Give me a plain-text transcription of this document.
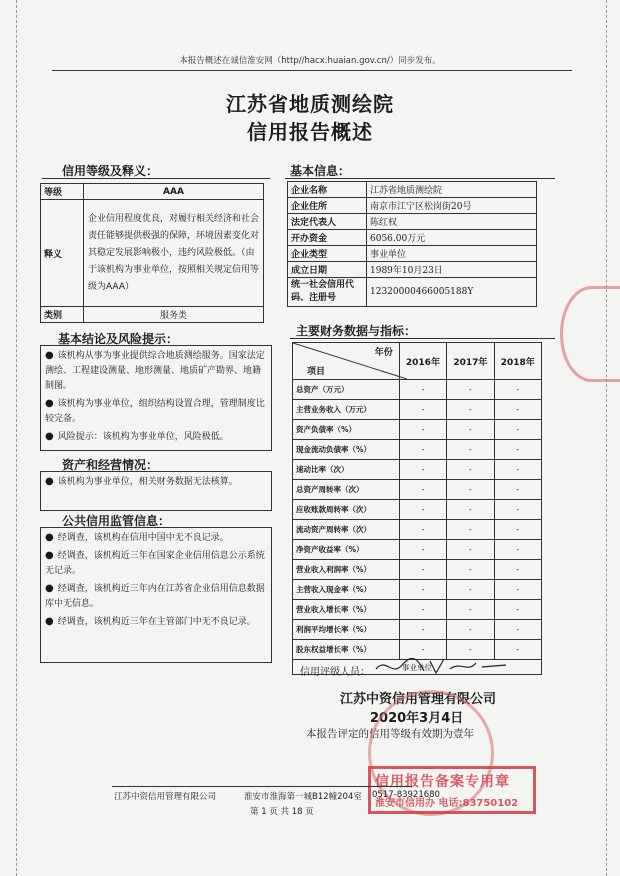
本报告概述在诚信淮安网（http//hacx.huaian.gov.cn/）同步发布。
江苏省地质测绘院
信用报告概述
信用等级及释义：
等级	AAA
释义	企业信用程度优良，对履行相关经济和社会责任能够提供极强的保障，环境因素变化对其稳定发展影响极小，违约风险极低。（由于该机构为事业单位，按照相关规定信用等级为AAA）
类别	服务类
基本信息：
企业名称	江苏省地质测绘院
企业住所	南京市江宁区松岗街20号
法定代表人	陈红权
开办资金	6056.00万元
企业类型	事业单位
成立日期	1989年10月23日
统一社会信用代码、注册号	12320000466005188Y
基本结论及风险提示：

● 该机构从事为事业提供综合地质测绘服务。国家法定测绘、工程建设测量、地形测量、地质矿产勘界、地籍制图。

● 该机构为事业单位，组织结构设置合理，管理制度比较完备。

● 风险提示：该机构为事业单位，风险极低。

资产和经营情况：

● 该机构为事业单位，相关财务数据无法核算。

公共信用监管信息：

● 经调查，该机构在信用中国中无不良记录。

● 经调查，该机构近三年在国家企业信用信息公示系统无记录。

● 经调查，该机构近三年内在江苏省企业信用信息数据库中无信息。

● 经调查，该机构近三年在主管部门中无不良记录。

主要财务数据与指标：
年份
项目	2016年	2017年	2018年
总资产（万元）	-	-	-
主营业务收入（万元）	-	-	-
资产负债率（%）	-	-	-
现金流动负债率（%）	-	-	-
速动比率（次）	-	-	-
总资产周转率（次）	-	-	-
应收账款周转率（次）	-	-	-
流动资产周转率（次）	-	-	-
净资产收益率（%）	-	-	-
营业收入利润率（%）	-	-	-
主营收入现金率（%）	-	-	-
营业收入增长率（%）	-	-	-
利润平均增长率（%）	-	-	-
股东权益增长率（%）	-	-	-
事业单位			
信用评级人员：
江苏中资信用管理有限公司
2020年3月4日
本报告评定的信用等级有效期为壹年
信用报告备案专用章
淮安市信用办 电话:83750102
江苏中资信用管理有限公司	淮安市淮海第一城B12幢204室 0517-83921680
第 1 页 共 18 页
